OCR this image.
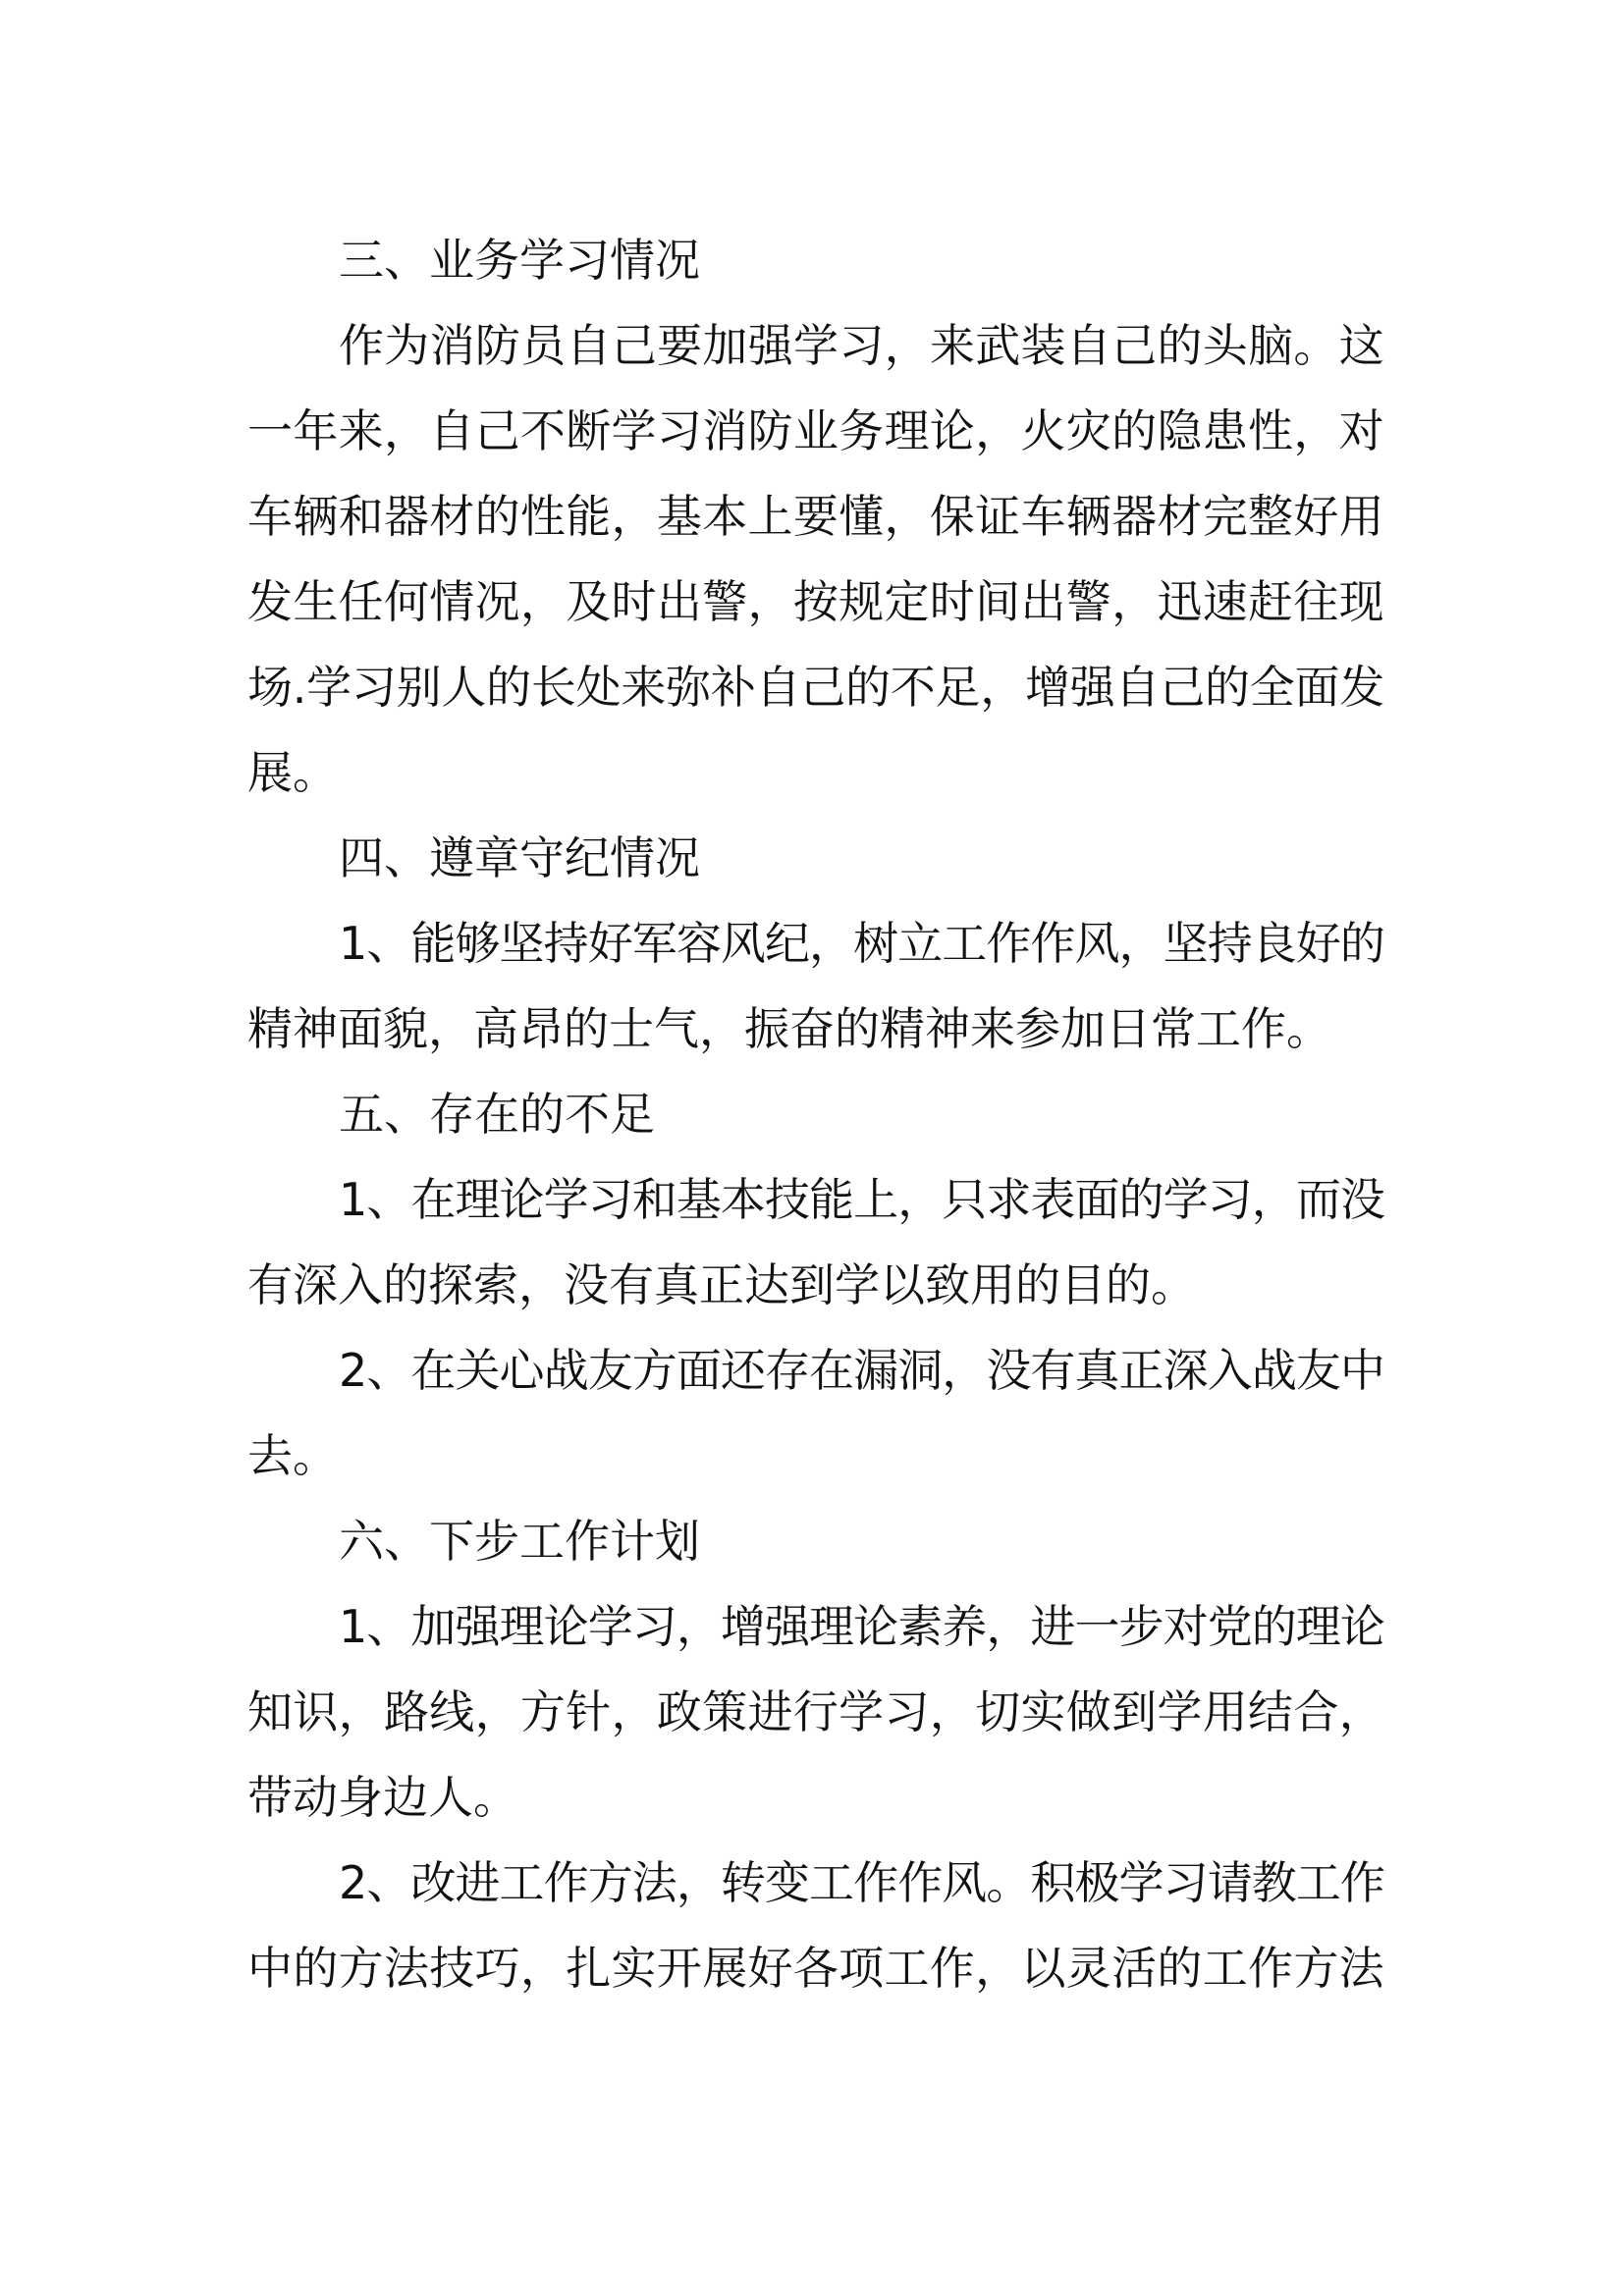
三、业务学习情况
作为消防员自己要加强学习，来武装自己的头脑。这
一年来，自己不断学习消防业务理论，火灾的隐患性，对
车辆和器材的性能，基本上要懂，保证车辆器材完整好用
发生任何情况，及时出警，按规定时间出警，迅速赶往现
场.学习别人的长处来弥补自己的不足，增强自己的全面发
展。
四、遵章守纪情况
1、能够坚持好军容风纪，树立工作作风，坚持良好的
精神面貌，高昂的士气，振奋的精神来参加日常工作。
五、存在的不足
1、在理论学习和基本技能上，只求表面的学习，而没
有深入的探索，没有真正达到学以致用的目的。
2、在关心战友方面还存在漏洞，没有真正深入战友中
去。
六、下步工作计划
1、加强理论学习，增强理论素养，进一步对党的理论
知识，路线，方针，政策进行学习，切实做到学用结合，
带动身边人。
2、改进工作方法，转变工作作风。积极学习请教工作
中的方法技巧，扎实开展好各项工作，以灵活的工作方法
